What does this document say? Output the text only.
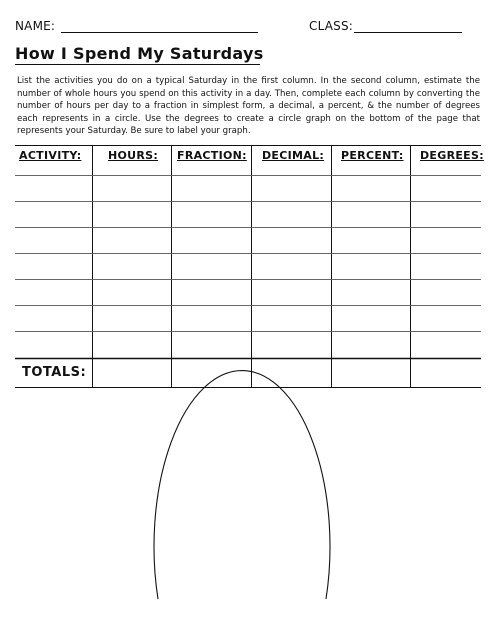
NAME:	CLASS:
How I Spend My Saturdays
List the activities you do on a typical Saturday in the first column. In the second column, estimate the number of whole hours you spend on this activity in a day. Then, complete each column by converting the number of hours per day to a fraction in simplest form, a decimal, a percent, & the number of degrees each represents in a circle. Use the degrees to create a circle graph on the bottom of the page that represents your Saturday. Be sure to label your graph.
ACTIVITY: HOURS: FRACTION: DECIMAL: PERCENT: DEGREES:
TOTALS:
